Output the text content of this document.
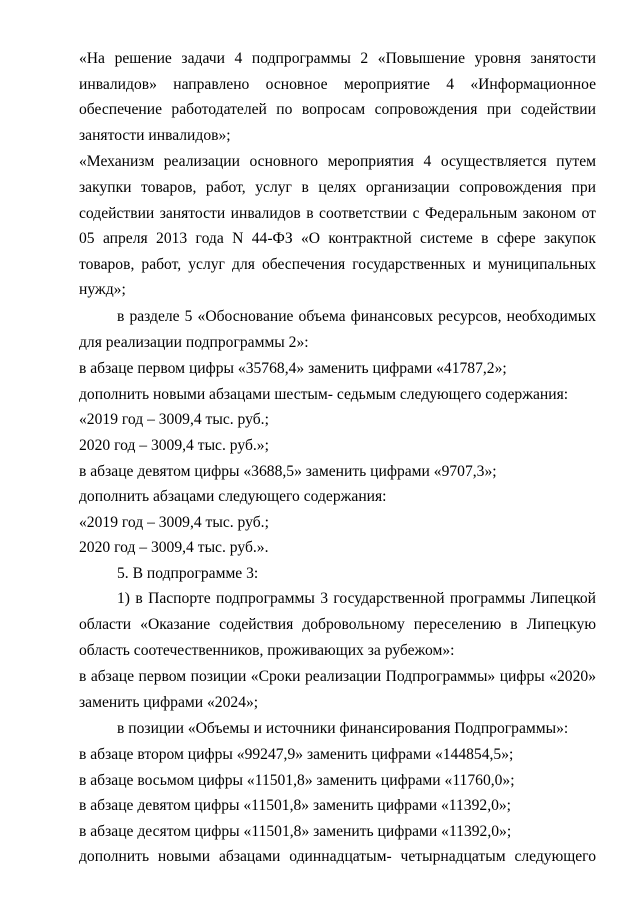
«На решение задачи 4 подпрограммы 2 «Повышение уровня занятости инвалидов» направлено основное мероприятие 4 «Информационное обеспечение работодателей по вопросам сопровождения при содействии занятости инвалидов»;

«Механизм реализации основного мероприятия 4 осуществляется путем закупки товаров, работ, услуг в целях организации сопровождения при содействии занятости инвалидов в соответствии с Федеральным законом от 05 апреля 2013 года N 44-ФЗ «О контрактной системе в сфере закупок товаров, работ, услуг для обеспечения государственных и муниципальных нужд»;

в разделе 5 «Обоснование объема финансовых ресурсов, необходимых для реализации подпрограммы 2»:

в абзаце первом цифры «35768,4» заменить цифрами «41787,2»;

дополнить новыми абзацами шестым- седьмым следующего содержания:

«2019 год – 3009,4 тыс. руб.;

2020 год – 3009,4 тыс. руб.»;

в абзаце девятом цифры «3688,5» заменить цифрами «9707,3»;

дополнить абзацами следующего содержания:

«2019 год – 3009,4 тыс. руб.;

2020 год – 3009,4 тыс. руб.».

5. В подпрограмме 3:

1) в Паспорте подпрограммы 3 государственной программы Липецкой области «Оказание содействия добровольному переселению в Липецкую область соотечественников, проживающих за рубежом»:

в абзаце первом позиции «Сроки реализации Подпрограммы» цифры «2020» заменить цифрами «2024»;

в позиции «Объемы и источники финансирования Подпрограммы»:

в абзаце втором цифры «99247,9» заменить цифрами «144854,5»;

в абзаце восьмом цифры «11501,8» заменить цифрами «11760,0»;

в абзаце девятом цифры «11501,8» заменить цифрами «11392,0»;

в абзаце десятом цифры «11501,8» заменить цифрами «11392,0»;

дополнить новыми абзацами одиннадцатым- четырнадцатым следующего
